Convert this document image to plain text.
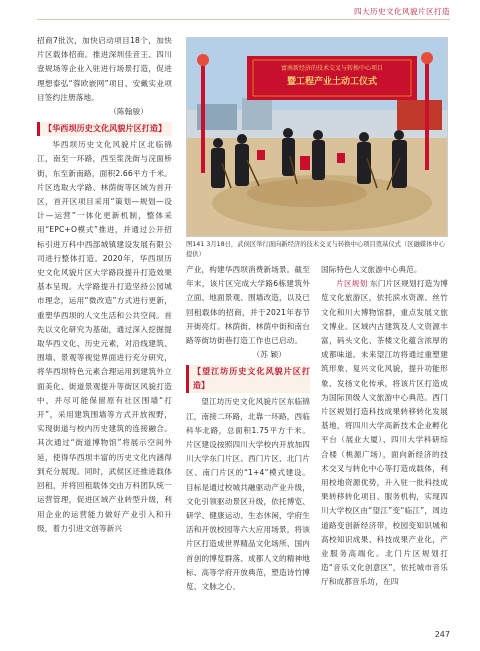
四大历史文化风貌片区打造

招商7批次，加快启动项目18个，加快片区载体招商。推进深圳佳音王、四川壹规场等企业入驻进行场景打造，促进理想泰弘“蓉欧嵌网”项目、安戴实业项目签约注册落地。

（陈翰骏）

【华西坝历史文化风貌片区打造】

华西坝历史文化风貌片区北临锦江，南至一环路，西至浆洗街与浣面桥街，东至新南路，面积2.66平方千米。片区选取大学路、林荫街等区域为首开区，首开区项目采用“策划—规划—设计—运营”一体化更新机制，整体采用“EPC+O模式”推进，并通过公开招标引进万科中西部城镇建设发展有限公司进行整体打造。2020年，华西坝历史文化风貌片区大学路段提升打造效果基本呈现。大学路提升打造坚持公园城市理念，运用“微改造”方式进行更新，重塑华西坝的人文生活和公共空间。首先以文化研究为基础，通过深入挖掘提取华西文化、历史元素，对沿线建筑、围墙、景观等视觉界面进行充分研究，将华西坝特色元素合理运用到建筑外立面美化、街道景观提升等街区风貌打造中，并尽可能保留原有社区围墙“打开”，采用建筑围墙等方式开放视野，实现街道与校内历史建筑的连接融合。其次通过“街道博物馆”将展示空间外延，使得华西坝丰富的历史文化内涵得到充分展现。同时，武侯区还推进载体回租，并将回租载体交由万科团队统一运营管理，促进区域产业转型升级，利用企业的运营能力做好产业引入和升级，着力引进文创等新兴

富南新经济的技术交叉与转换中心项目
暨工程产业土动工仪式
图141 3月18日，武侯区举行面向新经济的技术交叉与转换中心项目奠基仪式（区融媒体中心提供）

产业，构建华西坝消费新场景。截至年末，该片区完成大学路6栋建筑外立面、地面景观、围墙改造，以及已回租载体的招商，并于2021年春节开街亮灯。林荫街、林荫中街和南台路等街坊街巷打造工作也已启动。

（苏 颖）

【望江坊历史文化风貌片区打造】

望江坊历史文化风貌片区东临锦江，南接二环路，北靠一环路，西临科华北路，总面积1.75平方千米。片区建设按照四川大学校内开放加四川大学东门片区、西门片区、北门片区、南门片区的“1+4”模式建设。目标是通过校城共融驱动产业升级，文化引领驱动景区升级，依托博览、研学、健康运动、生态休闲，学府生活和开放校园等六大应用场景，将该片区打造成世界精品文化场所、国内首创的博览群落、成都人文的精神地标、高等学府开放典范，塑造诗竹博览、文脉之心、

国际特色人文旅游中心典范。

片区规划 东门片区规划打造为博览文化旅游区，依托滨水资源、丝竹文化和川大博物馆群，重点发展文旅文博业。区域内古建筑及人文资源丰富，码头文化、茶楼文化蕴含浓厚的成都味道。未来望江坊将通过重塑建筑形象、复兴文化风貌，提升功能形象、发扬文化传承，将该片区打造成为国际顶级人文旅游中心典范。西门片区规划打造科技成果转移转化发展基地，将四川大学高新技术企业孵化平台（展业大厦）、四川大学科研综合楼（桃源广场），面向新经济的技术交叉与转化中心等打造成载体，利用校地资源优势，升入驻一批科技成果转移转化项目、服务机构，实现四川大学校区由“望江”变“临江”，周边道路变创新经济带，校园变知识城和高校知识成果、科技成果产业化，产业服务高端化。北门片区规划打造“音乐文化创意区”，依托城市音乐厅和成都音乐坊，在四

247
